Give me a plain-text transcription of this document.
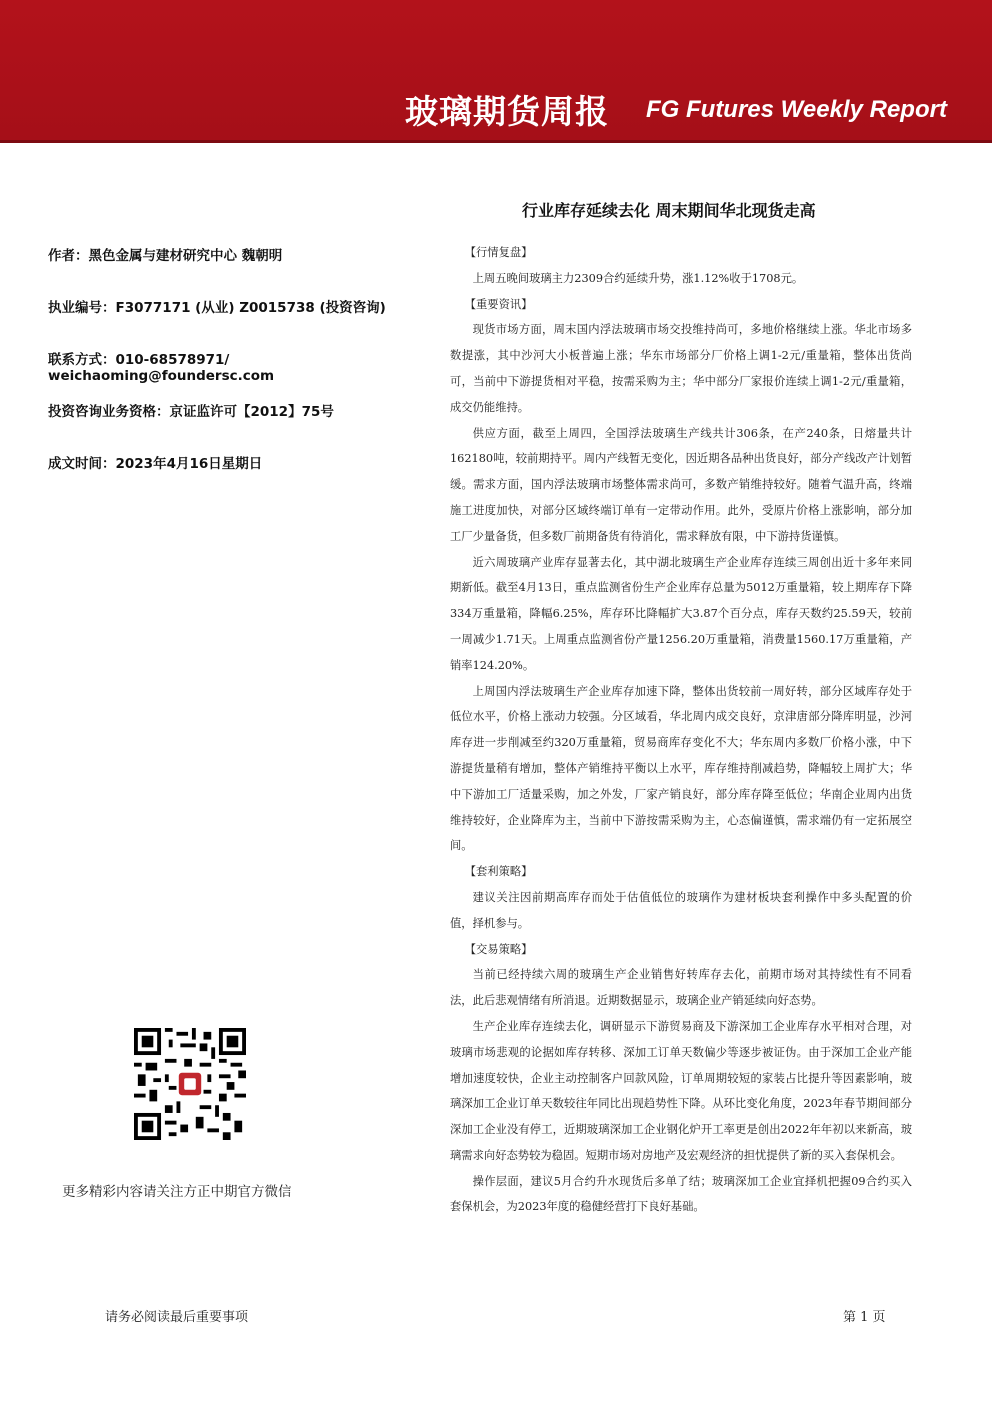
玻璃期货周报 FG Futures Weekly Report
作者：黑色金属与建材研究中心 魏朝明
执业编号：F3077171 (从业) Z0015738 (投资咨询)
联系方式：010-68578971/ weichaoming@foundersc.com
投资咨询业务资格：京证监许可【2012】75号
成文时间：2023年4月16日星期日
更多精彩内容请关注方正中期官方微信
行业库存延续去化 周末期间华北现货走高
【行情复盘】

上周五晚间玻璃主力2309合约延续升势，涨1.12%收于1708元。

【重要资讯】

现货市场方面，周末国内浮法玻璃市场交投维持尚可，多地价格继续上涨。华北市场多数提涨，其中沙河大小板普遍上涨；华东市场部分厂价格上调1-2元/重量箱，整体出货尚可，当前中下游提货相对平稳，按需采购为主；华中部分厂家报价连续上调1-2元/重量箱，成交仍能维持。

供应方面，截至上周四，全国浮法玻璃生产线共计306条，在产240条，日熔量共计162180吨，较前期持平。周内产线暂无变化，因近期各品种出货良好，部分产线改产计划暂缓。需求方面，国内浮法玻璃市场整体需求尚可，多数产销维持较好。随着气温升高，终端施工进度加快，对部分区域终端订单有一定带动作用。此外，受原片价格上涨影响，部分加工厂少量备货，但多数厂前期备货有待消化，需求释放有限，中下游持货谨慎。

近六周玻璃产业库存显著去化，其中湖北玻璃生产企业库存连续三周创出近十多年来同期新低。截至4月13日，重点监测省份生产企业库存总量为5012万重量箱，较上期库存下降334万重量箱，降幅6.25%，库存环比降幅扩大3.87个百分点，库存天数约25.59天，较前一周减少1.71天。上周重点监测省份产量1256.20万重量箱，消费量1560.17万重量箱，产销率124.20%。

上周国内浮法玻璃生产企业库存加速下降，整体出货较前一周好转，部分区域库存处于低位水平，价格上涨动力较强。分区域看，华北周内成交良好，京津唐部分降库明显，沙河库存进一步削减至约320万重量箱，贸易商库存变化不大；华东周内多数厂价格小涨，中下游提货量稍有增加，整体产销维持平衡以上水平，库存维持削减趋势，降幅较上周扩大；华中下游加工厂适量采购，加之外发，厂家产销良好，部分库存降至低位；华南企业周内出货维持较好，企业降库为主，当前中下游按需采购为主，心态偏谨慎，需求端仍有一定拓展空间。

【套利策略】

建议关注因前期高库存而处于估值低位的玻璃作为建材板块套利操作中多头配置的价值，择机参与。

【交易策略】

当前已经持续六周的玻璃生产企业销售好转库存去化，前期市场对其持续性有不同看法，此后悲观情绪有所消退。近期数据显示，玻璃企业产销延续向好态势。

生产企业库存连续去化，调研显示下游贸易商及下游深加工企业库存水平相对合理，对玻璃市场悲观的论据如库存转移、深加工订单天数偏少等逐步被证伪。由于深加工企业产能增加速度较快，企业主动控制客户回款风险，订单周期较短的家装占比提升等因素影响，玻璃深加工企业订单天数较往年同比出现趋势性下降。从环比变化角度，2023年春节期间部分深加工企业没有停工，近期玻璃深加工企业钢化炉开工率更是创出2022年年初以来新高，玻璃需求向好态势较为稳固。短期市场对房地产及宏观经济的担忧提供了新的买入套保机会。

操作层面，建议5月合约升水现货后多单了结；玻璃深加工企业宜择机把握09合约买入套保机会，为2023年度的稳健经营打下良好基础。

请务必阅读最后重要事项	第 1 页
